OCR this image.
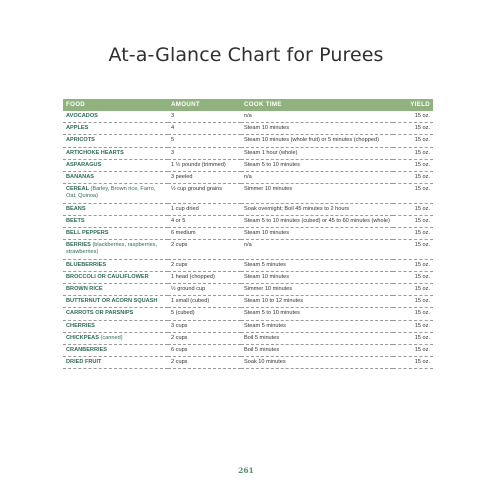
At-a-Glance Chart for Purees
FOOD	AMOUNT	COOK TIME	YIELD
AVOCADOS	3	n/a	15 oz.
APPLES	4	Steam 10 minutes	15 oz.
APRICOTS	5	Steam 10 minutes (whole fruit) or 5 minutes (chopped)	15 oz.
ARTICHOKE HEARTS	3	Steam 1 hour (whole)	15 oz.
ASPARAGUS	1 ½ pounds (trimmed)	Steam 5 to 10 minutes	15 oz.
BANANAS	3 peeled	n/a	15 oz.
CEREAL (Barley, Brown rice, Farro, Oat, Quinoa)	½ cup ground grains	Simmer 10 minutes	15 oz.
BEANS	1 cup dried	Soak overnight; Boil 45 minutes to 2 hours	15 oz.
BEETS	4 or 5	Steam 5 to 10 minutes (cubed) or 45 to 60 minutes (whole)	15 oz.
BELL PEPPERS	6 medium	Steam 10 minutes	15 oz.
BERRIES (blackberries, raspberries, strawberries)	2 cups	n/a	15 oz.
BLUEBERRIES	2 cups	Steam 5 minutes	15 oz.
BROCCOLI OR CAULIFLOWER	1 head (chopped)	Steam 10 minutes	15 oz.
BROWN RICE	½ ground cup	Simmer 10 minutes	15 oz.
BUTTERNUT OR ACORN SQUASH	1 small (cubed)	Steam 10 to 12 minutes	15 oz.
CARROTS OR PARSNIPS	5 (cubed)	Steam 5 to 10 minutes	15 oz.
CHERRIES	3 cups	Steam 5 minutes	15 oz.
CHICKPEAS (canned)	2 cups	Boil 5 minutes	15 oz.
CRANBERRIES	6 cups	Boil 5 minutes	15 oz.
DRIED FRUIT	2 cups	Soak 10 minutes	15 oz.
261
